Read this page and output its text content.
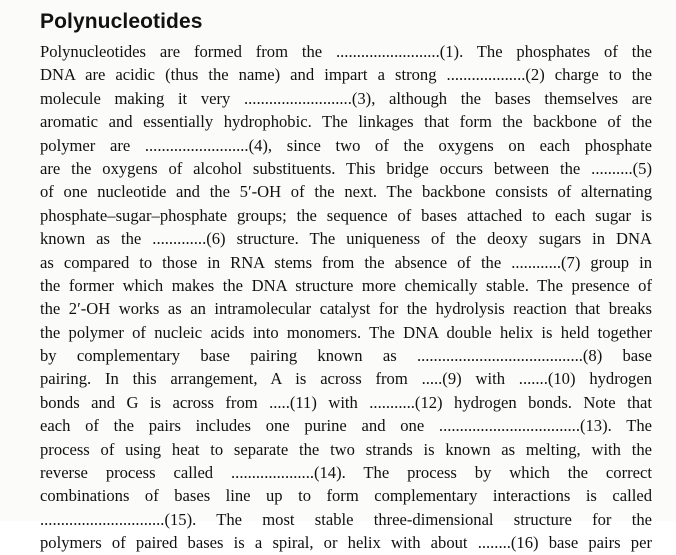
Polynucleotides
Polynucleotides are formed from the .........................(1). The phosphates of the
DNA are acidic (thus the name) and impart a strong ...................(2) charge to the
molecule making it very ..........................(3), although the bases themselves are
aromatic and essentially hydrophobic. The linkages that form the backbone of the
polymer are .........................(4), since two of the oxygens on each phosphate
are the oxygens of alcohol substituents. This bridge occurs between the ..........(5)
of one nucleotide and the 5′-OH of the next. The backbone consists of alternating
phosphate–sugar–phosphate groups; the sequence of bases attached to each sugar is
known as the .............(6) structure. The uniqueness of the deoxy sugars in DNA
as compared to those in RNA stems from the absence of the ............(7) group in
the former which makes the DNA structure more chemically stable. The presence of
the 2′-OH works as an intramolecular catalyst for the hydrolysis reaction that breaks
the polymer of nucleic acids into monomers. The DNA double helix is held together
by complementary base pairing known as ........................................(8) base
pairing. In this arrangement, A is across from .....(9) with .......(10) hydrogen
bonds and G is across from .....(11) with ...........(12) hydrogen bonds. Note that
each of the pairs includes one purine and one ..................................(13). The
process of using heat to separate the two strands is known as melting, with the
reverse process called ....................(14). The process by which the correct
combinations of bases line up to form complementary interactions is called
..............................(15). The most stable three-dimensional structure for the
polymers of paired bases is a spiral, or helix with about ........(16) base pairs per
